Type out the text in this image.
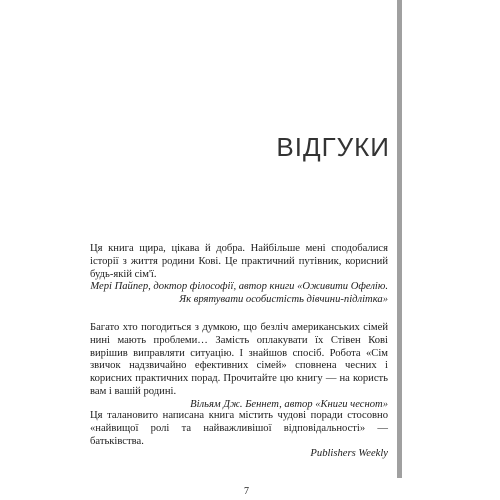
ВІДГУКИ

Ця книга щира, цікава й добра. Найбільше мені сподобалися історії з життя родини Кові. Це практичний путівник, корисний будь-якій сім'ї.

Мері Пайпер, доктор філософії, автор книги «Оживити Офелію.
Як врятувати особистість дівчини-підлітка»

Багато хто погодиться з думкою, що безліч американських сімей нині мають проблеми… Замість оплакувати їх Стівен Кові вирішив виправляти ситуацію. І знайшов спосіб. Робота «Сім звичок надзвичайно ефективних сімей» сповнена чесних і корисних практичних порад. Прочитайте цю книгу — на користь вам і вашій родині.

Вільям Дж. Беннет, автор «Книги чеснот»

Ця талановито написана книга містить чудові поради стосовно «найвищої ролі та найважливішої відповідальності» — батьківства.

Publishers Weekly
7
